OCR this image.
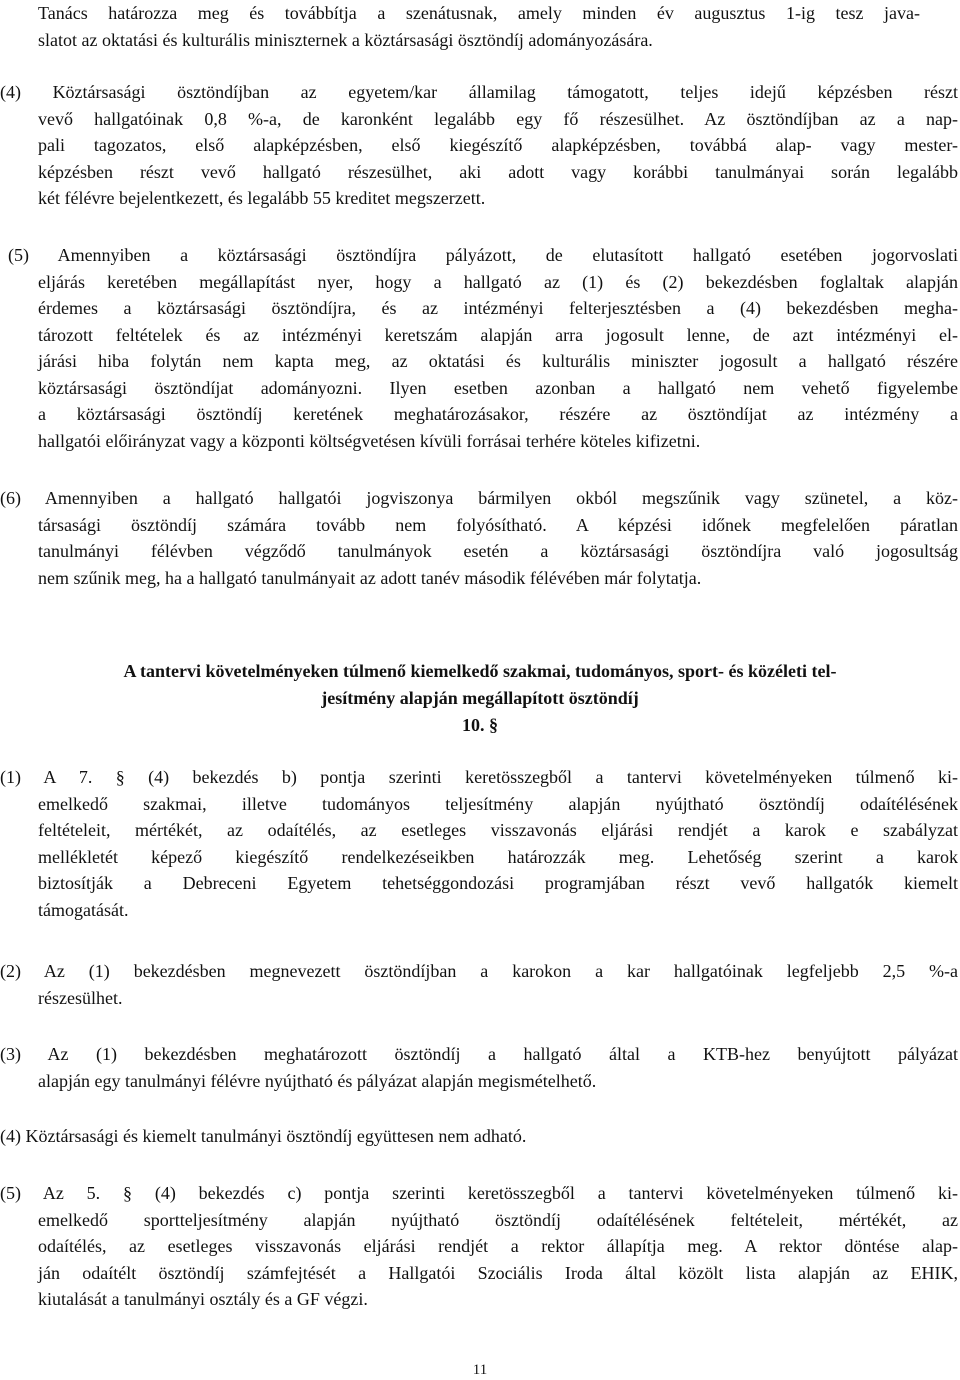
Tanács határozza meg és továbbítja a szenátusnak, amely minden év augusztus 1-ig tesz java-
slatot az oktatási és kulturális miniszternek a köztársasági ösztöndíj adományozására.
(4) Köztársasági ösztöndíjban az egyetem/kar államilag támogatott, teljes idejű képzésben részt
vevő hallgatóinak 0,8 %-a, de karonként legalább egy fő részesülhet. Az ösztöndíjban az a nap-
pali tagozatos, első alapképzésben, első kiegészítő alapképzésben, továbbá alap- vagy mester-
képzésben részt vevő hallgató részesülhet, aki adott vagy korábbi tanulmányai során legalább
két félévre bejelentkezett, és legalább 55 kreditet megszerzett.
(5) Amennyiben a köztársasági ösztöndíjra pályázott, de elutasított hallgató esetében jogorvoslati
eljárás keretében megállapítást nyer, hogy a hallgató az (1) és (2) bekezdésben foglaltak alapján
érdemes a köztársasági ösztöndíjra, és az intézményi felterjesztésben a (4) bekezdésben megha-
tározott feltételek és az intézményi keretszám alapján arra jogosult lenne, de azt intézményi el-
járási hiba folytán nem kapta meg, az oktatási és kulturális miniszter jogosult a hallgató részére
köztársasági ösztöndíjat adományozni. Ilyen esetben azonban a hallgató nem vehető figyelembe
a köztársasági ösztöndíj keretének meghatározásakor, részére az ösztöndíjat az intézmény a
hallgatói előirányzat vagy a központi költségvetésen kívüli forrásai terhére köteles kifizetni.
(6) Amennyiben a hallgató hallgatói jogviszonya bármilyen okból megszűnik vagy szünetel, a köz-
társasági ösztöndíj számára tovább nem folyósítható. A képzési időnek megfelelően páratlan
tanulmányi félévben végződő tanulmányok esetén a köztársasági ösztöndíjra való jogosultság
nem szűnik meg, ha a hallgató tanulmányait az adott tanév második félévében már folytatja.
A tantervi követelményeken túlmenő kiemelkedő szakmai, tudományos, sport- és közéleti tel-
jesítmény alapján megállapított ösztöndíj
10. §
(1) A 7. § (4) bekezdés b) pontja szerinti keretösszegből a tantervi követelményeken túlmenő ki-
emelkedő szakmai, illetve tudományos teljesítmény alapján nyújtható ösztöndíj odaítélésének
feltételeit, mértékét, az odaítélés, az esetleges visszavonás eljárási rendjét a karok e szabályzat
mellékletét képező kiegészítő rendelkezéseikben határozzák meg. Lehetőség szerint a karok
biztosítják a Debreceni Egyetem tehetséggondozási programjában részt vevő hallgatók kiemelt
támogatását.
(2) Az (1) bekezdésben megnevezett ösztöndíjban a karokon a kar hallgatóinak legfeljebb 2,5 %-a
részesülhet.
(3) Az (1) bekezdésben meghatározott ösztöndíj a hallgató által a KTB-hez benyújtott pályázat
alapján egy tanulmányi félévre nyújtható és pályázat alapján megismételhető.
(4) Köztársasági és kiemelt tanulmányi ösztöndíj együttesen nem adható.
(5) Az 5. § (4) bekezdés c) pontja szerinti keretösszegből a tantervi követelményeken túlmenő ki-
emelkedő sportteljesítmény alapján nyújtható ösztöndíj odaítélésének feltételeit, mértékét, az
odaítélés, az esetleges visszavonás eljárási rendjét a rektor állapítja meg. A rektor döntése alap-
ján odaítélt ösztöndíj számfejtését a Hallgatói Szociális Iroda által közölt lista alapján az EHIK,
kiutalását a tanulmányi osztály és a GF végzi.
11
